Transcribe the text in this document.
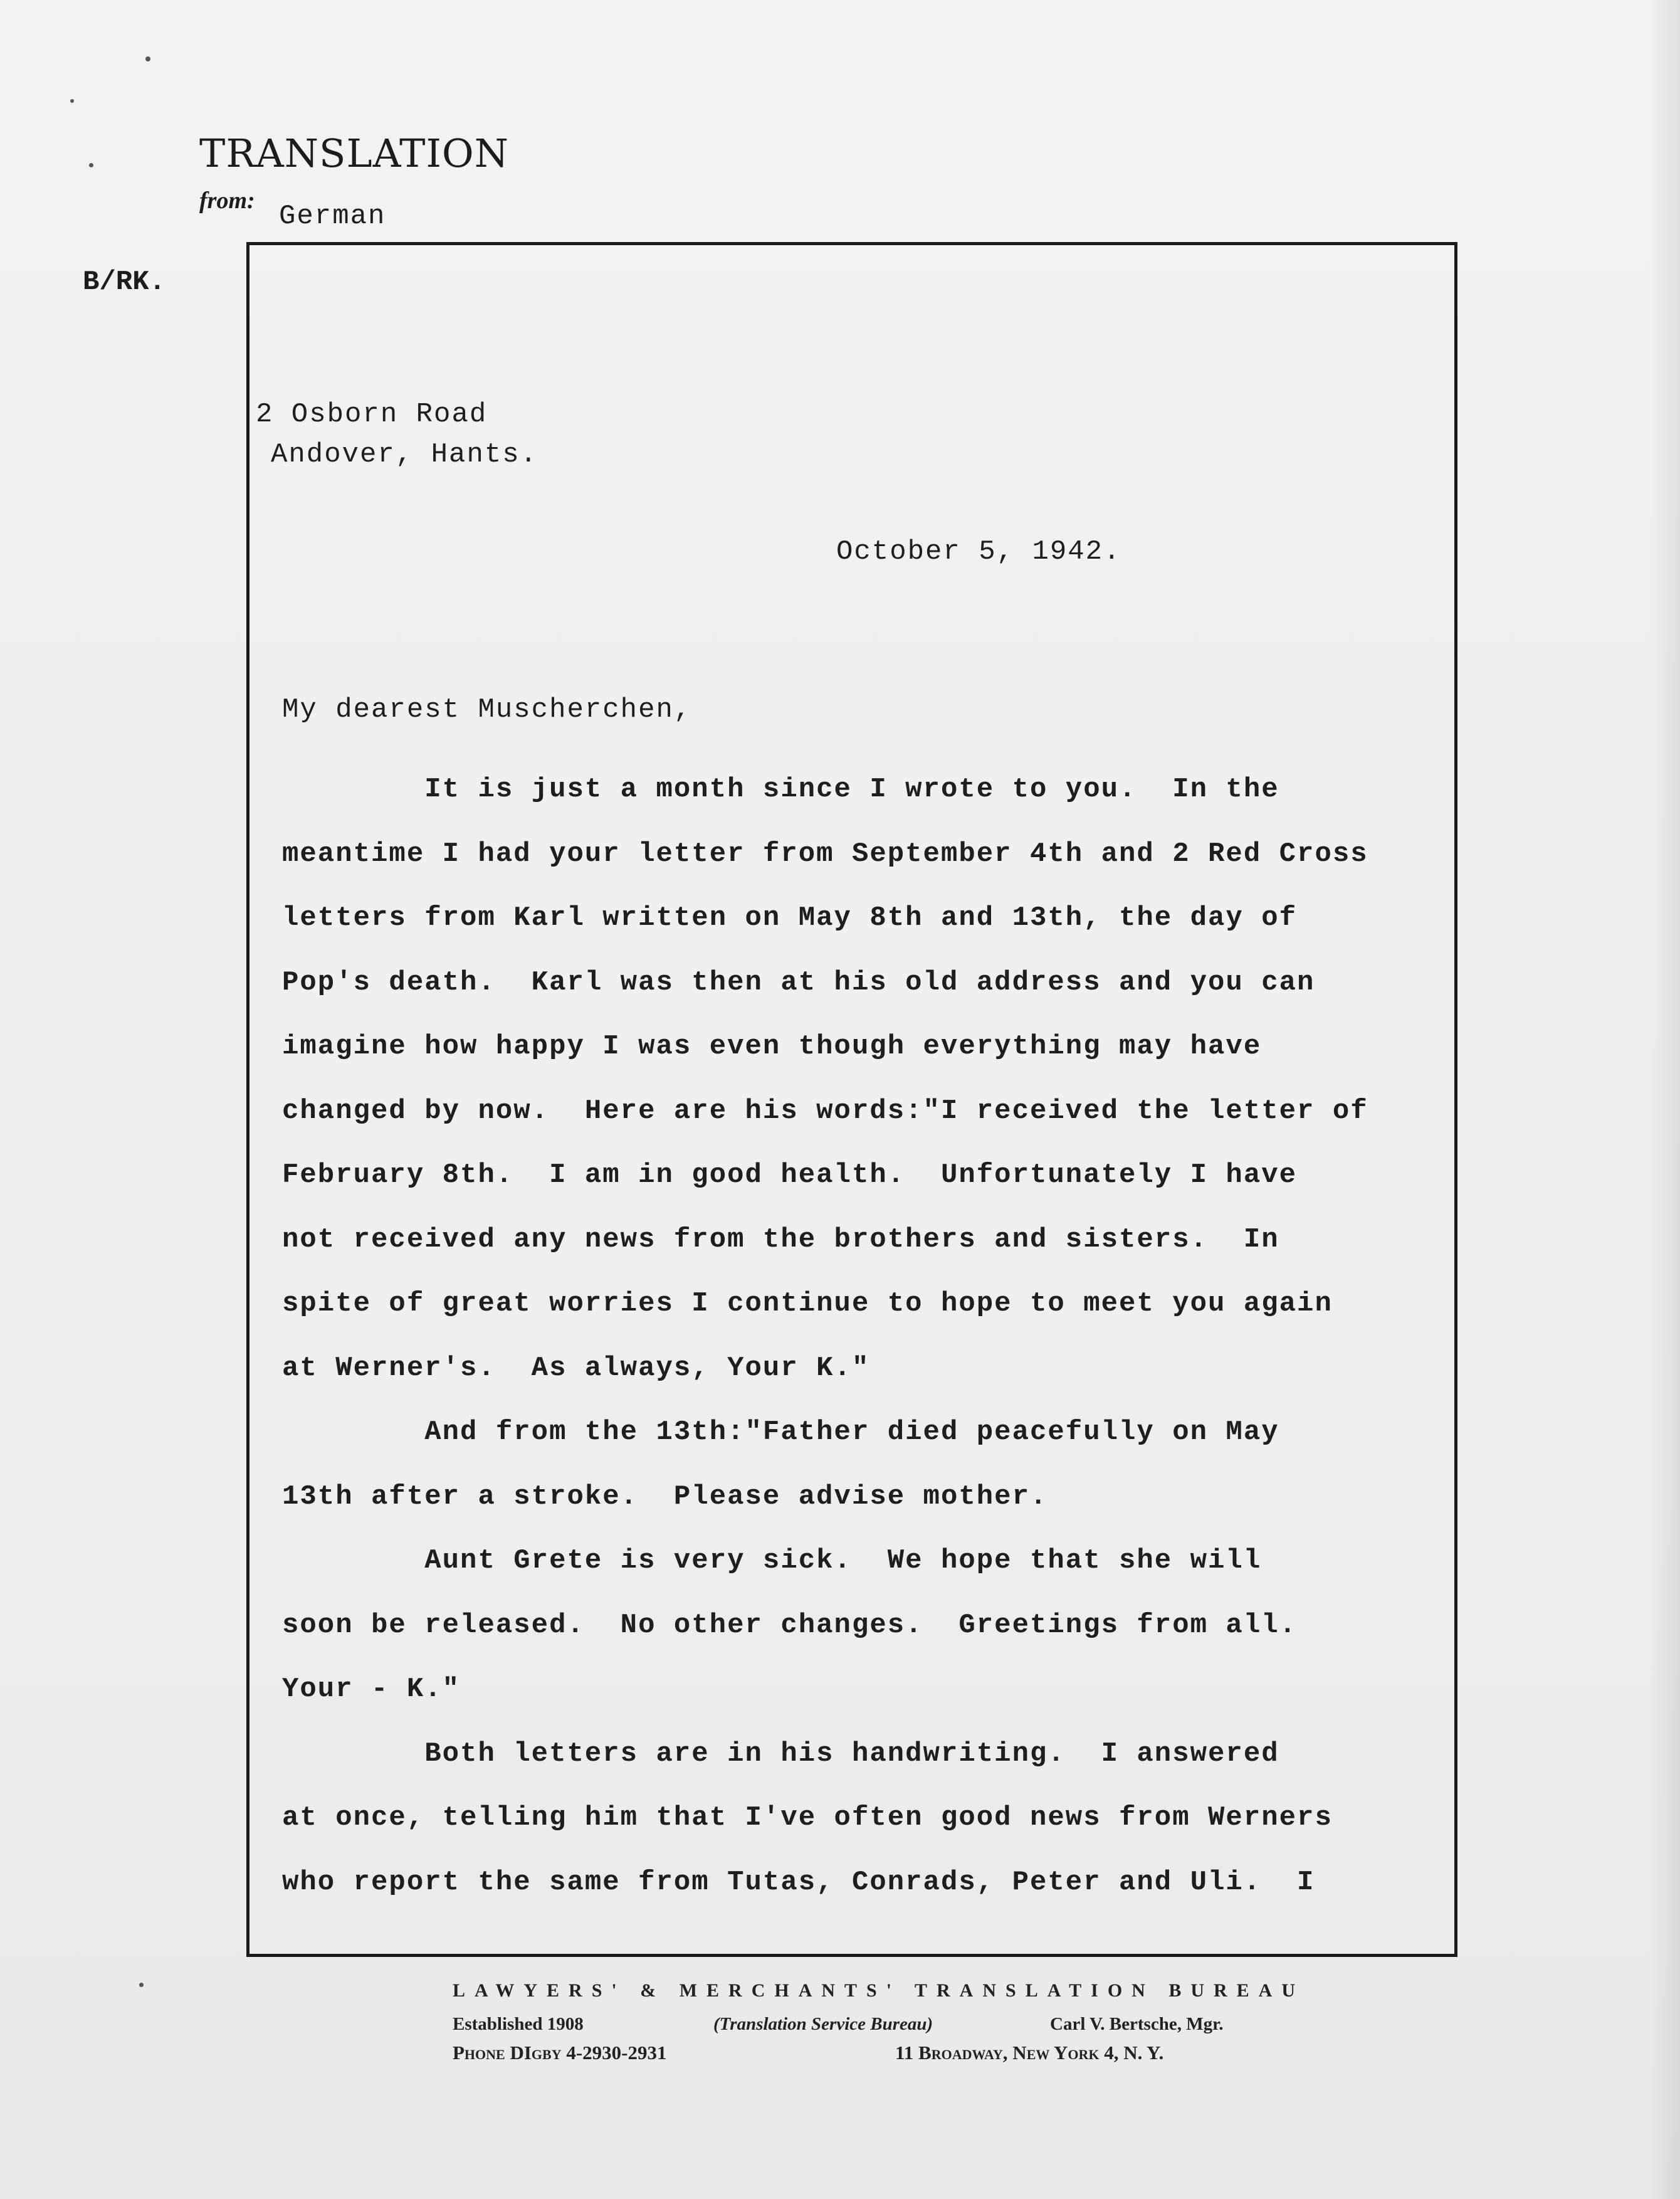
TRANSLATION
from: German
B/RK.
2 Osborn Road
Andover, Hants.
October 5, 1942.
My dearest Muscherchen,
It is just a month since I wrote to you.  In the
meantime I had your letter from September 4th and 2 Red Cross
letters from Karl written on May 8th and 13th, the day of
Pop's death.  Karl was then at his old address and you can
imagine how happy I was even though everything may have
changed by now.  Here are his words:"I received the letter of
February 8th.  I am in good health.  Unfortunately I have
not received any news from the brothers and sisters.  In
spite of great worries I continue to hope to meet you again
at Werner's.  As always, Your K."
And from the 13th:"Father died peacefully on May
13th after a stroke.  Please advise mother.
Aunt Grete is very sick.  We hope that she will
soon be released.  No other changes.  Greetings from all.
Your - K."
Both letters are in his handwriting.  I answered
at once, telling him that I've often good news from Werners
who report the same from Tutas, Conrads, Peter and Uli.  I
LAWYERS' & MERCHANTS' TRANSLATION BUREAU
Established 1908	(Translation Service Bureau)	Carl V. Bertsche, Mgr.
Phone DIgby 4-2930-2931	11 Broadway, New York 4, N. Y.
